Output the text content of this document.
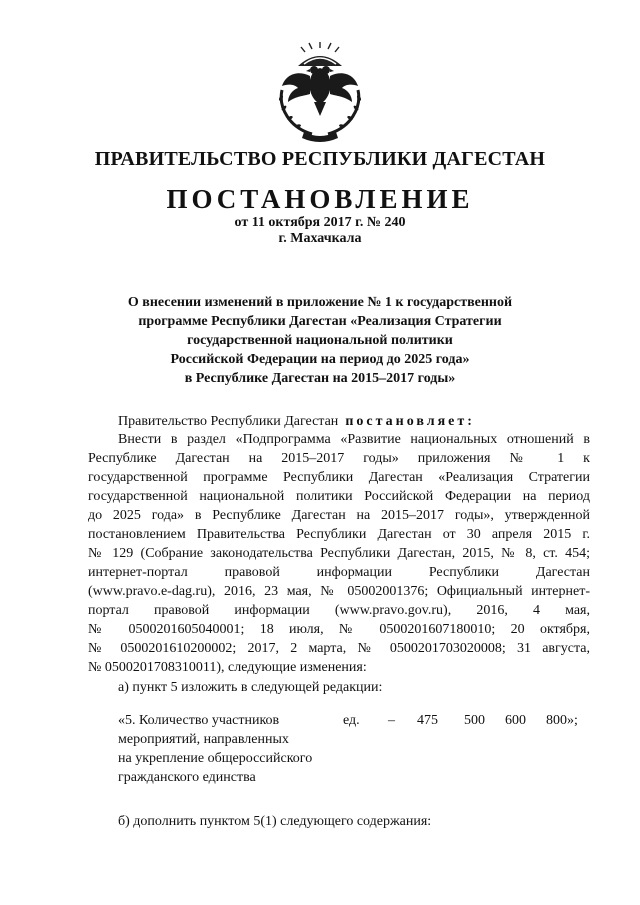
ПРАВИТЕЛЬСТВО РЕСПУБЛИКИ ДАГЕСТАН
ПОСТАНОВЛЕНИЕ
от 11 октября 2017 г. № 240
г. Махачкала
О внесении изменений в приложение № 1 к государственной
программе Республики Дагестан «Реализация Стратегии
государственной национальной политики
Российской Федерации на период до 2025 года»
в Республике Дагестан на 2015–2017 годы»
Правительство Республики Дагестан постановляет:
Внести в раздел «Подпрограмма «Развитие национальных отношений в
Республике Дагестан на 2015–2017 годы» приложения № 1 к
государственной программе Республики Дагестан «Реализация Стратегии
государственной национальной политики Российской Федерации на период
до 2025 года» в Республике Дагестан на 2015–2017 годы», утвержденной
постановлением Правительства Республики Дагестан от 30 апреля 2015 г.
№ 129 (Собрание законодательства Республики Дагестан, 2015, № 8, ст. 454;
интернет-портал правовой информации Республики Дагестан
(www.pravo.e-dag.ru), 2016, 23 мая, № 05002001376; Официальный интернет-
портал правовой информации (www.pravo.gov.ru), 2016, 4 мая,
№ 0500201605040001; 18 июля, № 0500201607180010; 20 октября,
№ 0500201610200002; 2017, 2 марта, № 0500201703020008; 31 августа,
№ 0500201708310011), следующие изменения:
а) пункт 5 изложить в следующей редакции:
«5. Количество участников
мероприятий, направленных
на укрепление общероссийского
гражданского единства
ед. – 475 500 600 800»;
б) дополнить пунктом 5(1) следующего содержания:
